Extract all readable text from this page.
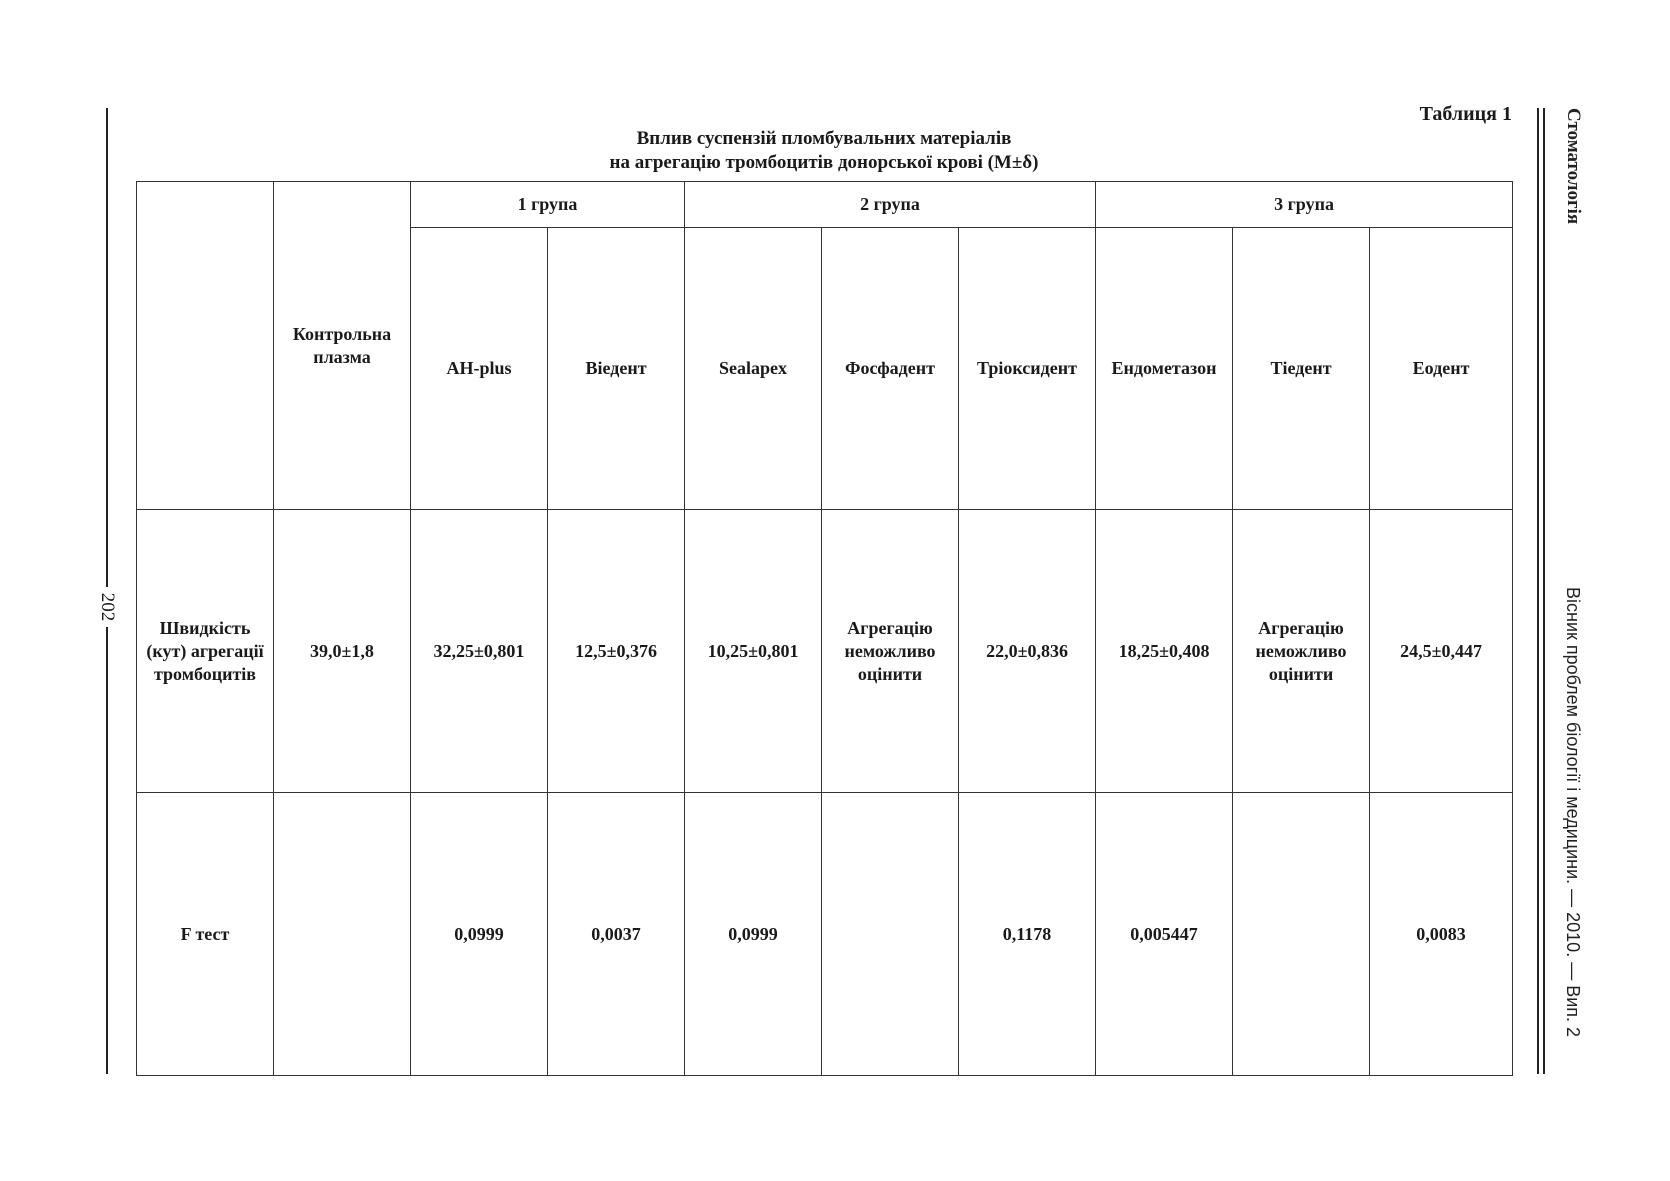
202
Стоматологія
Вісник проблем біології і медицини. — 2010. — Вип. 2
Таблиця 1
Вплив суспензій пломбувальних матеріалів
на агрегацію тромбоцитів донорської крові (M±δ)
	Контрольна плазма	1 група		2 група			3 група		
		AH-plus	Віедент	Sealapex	Фосфадент	Тріоксидент	Ендометазон	Тіедент	Еодент
Швидкість (кут) агрегації тромбоцитів	39,0±1,8	32,25±0,801	12,5±0,376	10,25±0,801	Агрегацію неможливо оцінити	22,0±0,836	18,25±0,408	Агрегацію неможливо оцінити	24,5±0,447
F тест		0,0999	0,0037	0,0999		0,1178	0,005447		0,0083
